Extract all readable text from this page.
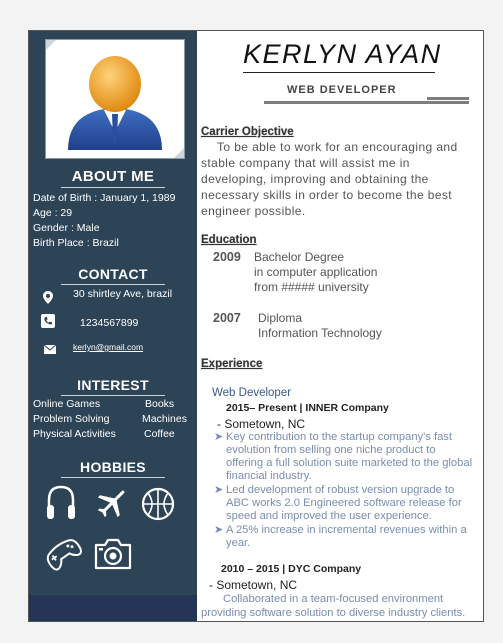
ABOUT ME
Date of Birth : January 1, 1989
Age : 29
Gender : Male
Birth Place : Brazil
CONTACT
30 shirtley Ave, brazil
1234567899
kerlyn@gmail.com
INTEREST
Online Games	Books
Problem Solving	Machines
Physical Activities	Coffee
HOBBIES
KERLYN AYAN
WEB DEVELOPER
Carrier Objective
To be able to work for an encouraging and
stable company that will assist me in
developing, improving and obtaining the
necessary skills in order to become the best
engineer possible.
Education
2009 Bachelor Degree
in computer application
from ##### university
2007 Diploma
Information Technology
Experience
Web Developer
2015– Present | INNER Company
- Sometown, NC
➤ Key contribution to the startup company's fast evolution from selling one niche product to offering a full solution suite marketed to the global financial industry.
➤ Led development of robust version upgrade to ABC works 2.0 Engineered software release for speed and improved the user experience.
➤ A 25% increase in incremental revenues within a year.
2010 – 2015 | DYC Company
- Sometown, NC
Collaborated in a team-focused environment
providing software solution to diverse industry clients.
